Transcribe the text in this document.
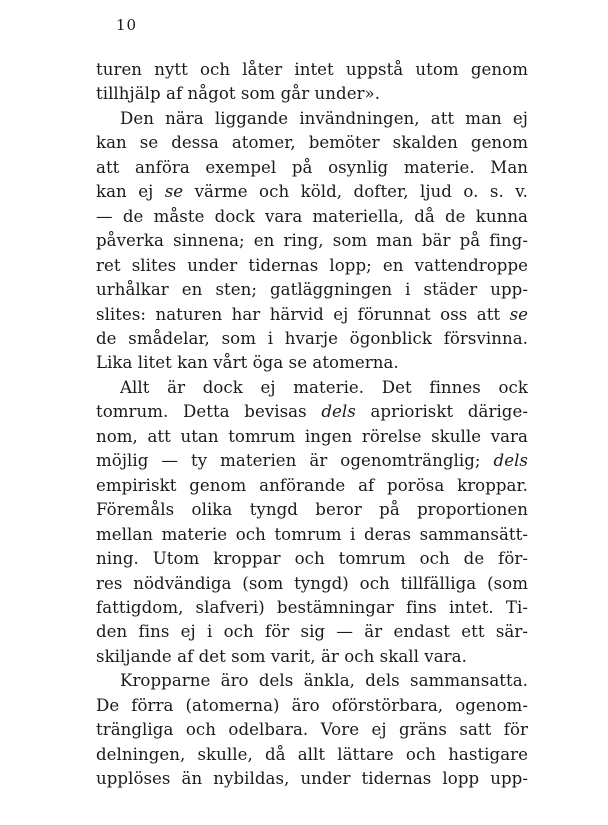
10
turen nytt och låter intet uppstå utom genom
tillhjälp af något som går under».
Den nära liggande invändningen, att man ej
kan se dessa atomer, bemöter skalden genom
att anföra exempel på osynlig materie. Man
kan ej se värme och köld, dofter, ljud o. s. v.
— de måste dock vara materiella, då de kunna
påverka sinnena; en ring, som man bär på fing-
ret slites under tidernas lopp; en vattendroppe
urhålkar en sten; gatläggningen i städer upp-
slites: naturen har härvid ej förunnat oss att se
de smådelar, som i hvarje ögonblick försvinna.
Lika litet kan vårt öga se atomerna.
Allt är dock ej materie. Det finnes ock
tomrum. Detta bevisas dels aprioriskt därige-
nom, att utan tomrum ingen rörelse skulle vara
möjlig — ty materien är ogenomtränglig; dels
empiriskt genom anförande af porösa kroppar.
Föremåls olika tyngd beror på proportionen
mellan materie och tomrum i deras sammansätt-
ning. Utom kroppar och tomrum och de för-
res nödvändiga (som tyngd) och tillfälliga (som
fattigdom, slafveri) bestämningar fins intet. Ti-
den fins ej i och för sig — är endast ett sär-
skiljande af det som varit, är och skall vara.
Kropparne äro dels änkla, dels sammansatta.
De förra (atomerna) äro oförstörbara, ogenom-
trängliga och odelbara. Vore ej gräns satt för
delningen, skulle, då allt lättare och hastigare
upplöses än nybildas, under tidernas lopp upp-
